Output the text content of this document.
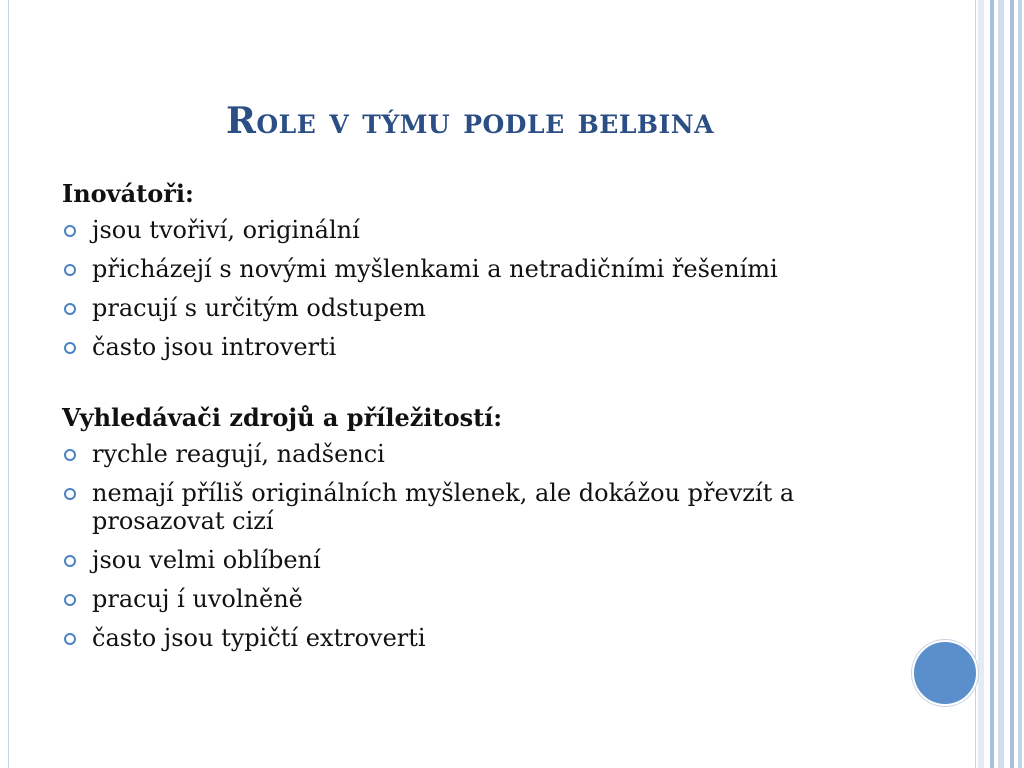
Role v týmu podle belbina
Inovátoři:
jsou tvořiví, originální
přicházejí s novými myšlenkami a netradičními řešeními
pracují s určitým odstupem
často jsou introverti
Vyhledávači zdrojů a příležitostí:
rychle reagují, nadšenci
nemají příliš originálních myšlenek, ale dokážou převzít a prosazovat cizí
jsou velmi oblíbení
pracuj í uvolněně
často jsou typičtí extroverti
